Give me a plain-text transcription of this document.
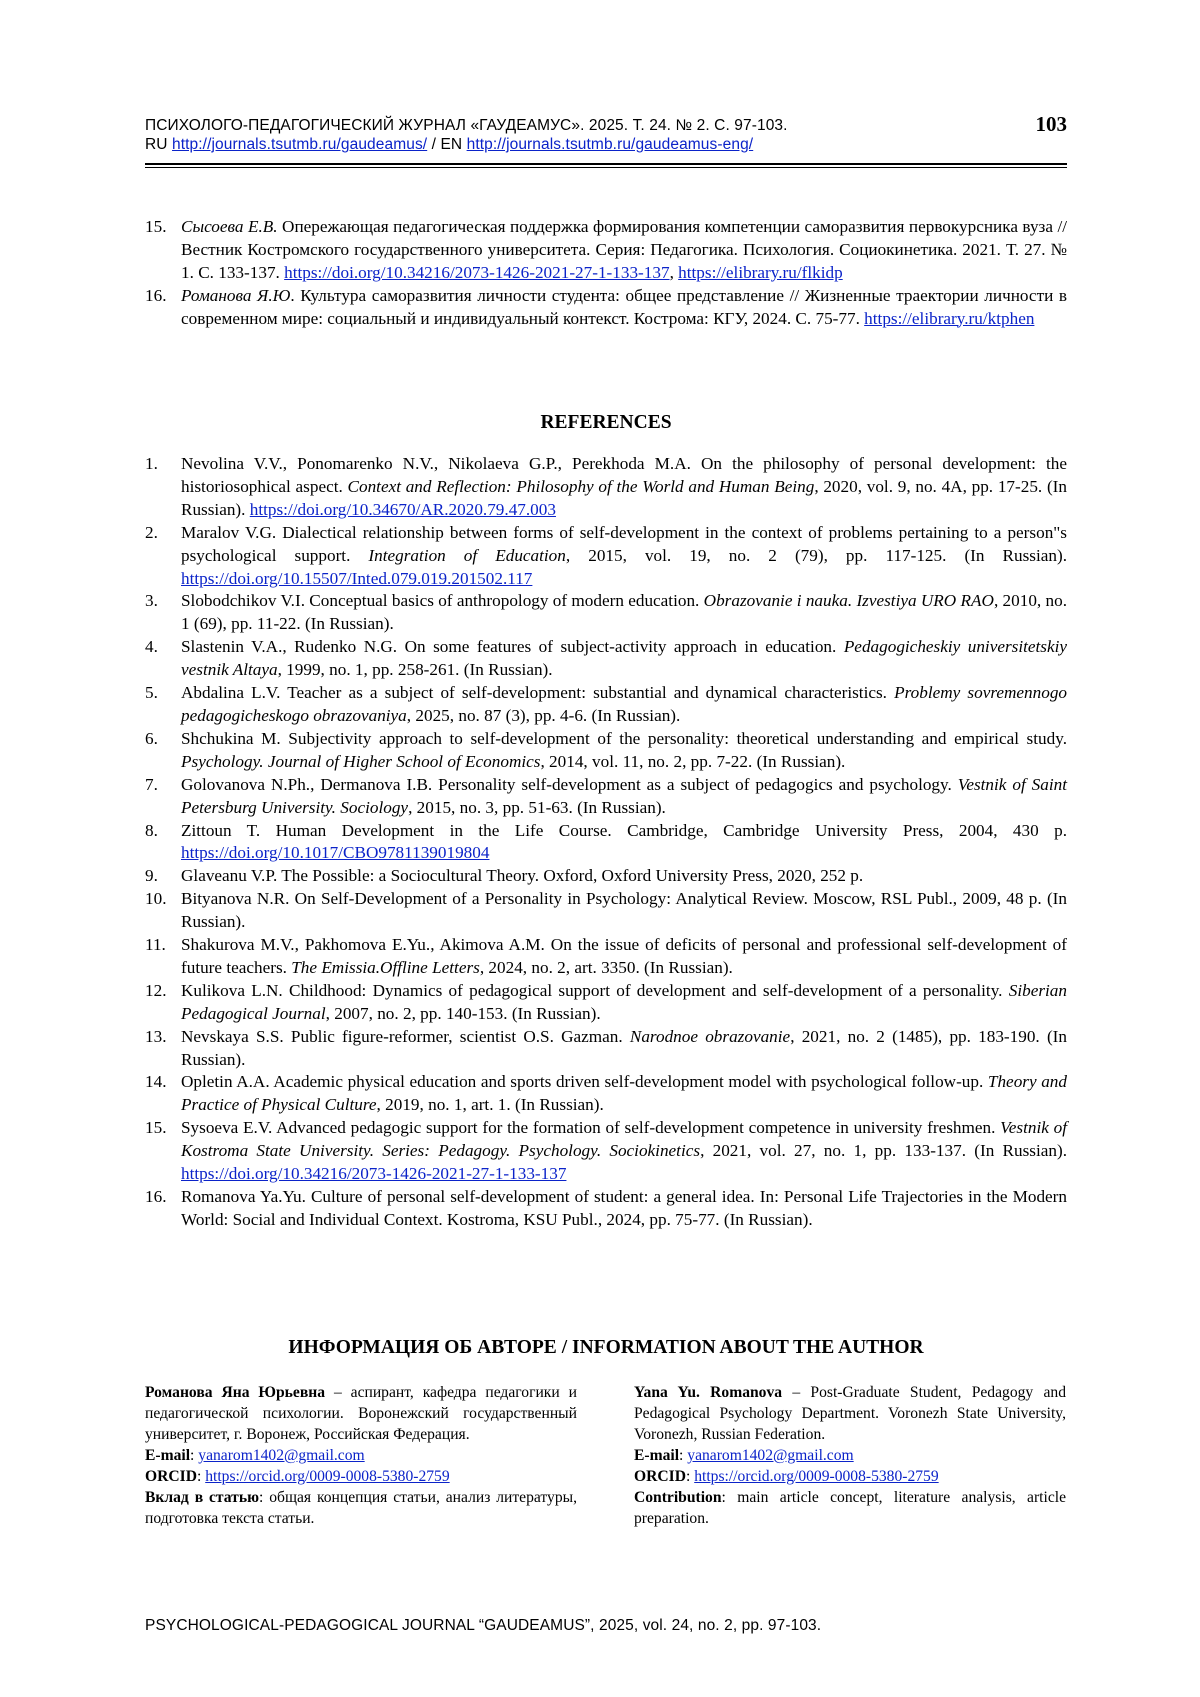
ПСИХОЛОГО-ПЕДАГОГИЧЕСКИЙ ЖУРНАЛ «ГАУДЕАМУС». 2025. Т. 24. № 2. С. 97-103.
RU http://journals.tsutmb.ru/gaudeamus/ / EN http://journals.tsutmb.ru/gaudeamus-eng/
103
15. Сысоева Е.В. Опережающая педагогическая поддержка формирования компетенции саморазвития первокурсника вуза // Вестник Костромского государственного университета. Серия: Педагогика. Психология. Социокинетика. 2021. Т. 27. № 1. С. 133-137. https://doi.org/10.34216/2073-1426-2021-27-1-133-137, https://elibrary.ru/flkidp
16. Романова Я.Ю. Культура саморазвития личности студента: общее представление // Жизненные траектории личности в современном мире: социальный и индивидуальный контекст. Кострома: КГУ, 2024. С. 75-77. https://elibrary.ru/ktphen
REFERENCES
1. Nevolina V.V., Ponomarenko N.V., Nikolaeva G.P., Perekhoda M.A. On the philosophy of personal development: the historiosophical aspect. Context and Reflection: Philosophy of the World and Human Being, 2020, vol. 9, no. 4A, pp. 17-25. (In Russian). https://doi.org/10.34670/AR.2020.79.47.003
2. Maralov V.G. Dialectical relationship between forms of self-development in the context of problems pertaining to a person"s psychological support. Integration of Education, 2015, vol. 19, no. 2 (79), pp. 117-125. (In Russian). https://doi.org/10.15507/Inted.079.019.201502.117
3. Slobodchikov V.I. Conceptual basics of anthropology of modern education. Obrazovanie i nauka. Izvestiya URO RAO, 2010, no. 1 (69), pp. 11-22. (In Russian).
4. Slastenin V.A., Rudenko N.G. On some features of subject-activity approach in education. Pedagogicheskiy universitetskiy vestnik Altaya, 1999, no. 1, pp. 258-261. (In Russian).
5. Abdalina L.V. Teacher as a subject of self-development: substantial and dynamical characteristics. Problemy sovremennogo pedagogicheskogo obrazovaniya, 2025, no. 87 (3), pp. 4-6. (In Russian).
6. Shchukina M. Subjectivity approach to self-development of the personality: theoretical understanding and empirical study. Psychology. Journal of Higher School of Economics, 2014, vol. 11, no. 2, pp. 7-22. (In Russian).
7. Golovanova N.Ph., Dermanova I.B. Personality self-development as a subject of pedagogics and psychology. Vestnik of Saint Petersburg University. Sociology, 2015, no. 3, pp. 51-63. (In Russian).
8. Zittoun T. Human Development in the Life Course. Cambridge, Cambridge University Press, 2004, 430 p. https://doi.org/10.1017/CBO9781139019804
9. Glaveanu V.P. The Possible: a Sociocultural Theory. Oxford, Oxford University Press, 2020, 252 p.
10. Bityanova N.R. On Self-Development of a Personality in Psychology: Analytical Review. Moscow, RSL Publ., 2009, 48 p. (In Russian).
11. Shakurova M.V., Pakhomova E.Yu., Akimova A.M. On the issue of deficits of personal and professional self-development of future teachers. The Emissia.Offline Letters, 2024, no. 2, art. 3350. (In Russian).
12. Kulikova L.N. Childhood: Dynamics of pedagogical support of development and self-development of a personality. Siberian Pedagogical Journal, 2007, no. 2, pp. 140-153. (In Russian).
13. Nevskaya S.S. Public figure-reformer, scientist O.S. Gazman. Narodnoe obrazovanie, 2021, no. 2 (1485), pp. 183-190. (In Russian).
14. Opletin A.A. Academic physical education and sports driven self-development model with psychological follow-up. Theory and Practice of Physical Culture, 2019, no. 1, art. 1. (In Russian).
15. Sysoeva E.V. Advanced pedagogic support for the formation of self-development competence in university freshmen. Vestnik of Kostroma State University. Series: Pedagogy. Psychology. Sociokinetics, 2021, vol. 27, no. 1, pp. 133-137. (In Russian). https://doi.org/10.34216/2073-1426-2021-27-1-133-137
16. Romanova Ya.Yu. Culture of personal self-development of student: a general idea. In: Personal Life Trajectories in the Modern World: Social and Individual Context. Kostroma, KSU Publ., 2024, pp. 75-77. (In Russian).
ИНФОРМАЦИЯ ОБ АВТОРЕ / INFORMATION ABOUT THE AUTHOR
Романова Яна Юрьевна – аспирант, кафедра педагогики и педагогической психологии. Воронежский государственный университет, г. Воронеж, Российская Федерация.
E-mail: yanarom1402@gmail.com
ORCID: https://orcid.org/0009-0008-5380-2759
Вклад в статью: общая концепция статьи, анализ литературы, подготовка текста статьи.
Yana Yu. Romanova – Post-Graduate Student, Pedagogy and Pedagogical Psychology Department. Voronezh State University, Voronezh, Russian Federation.
E-mail: yanarom1402@gmail.com
ORCID: https://orcid.org/0009-0008-5380-2759
Contribution: main article concept, literature analysis, article preparation.
PSYCHOLOGICAL-PEDAGOGICAL JOURNAL “GAUDEAMUS”, 2025, vol. 24, no. 2, pp. 97-103.
